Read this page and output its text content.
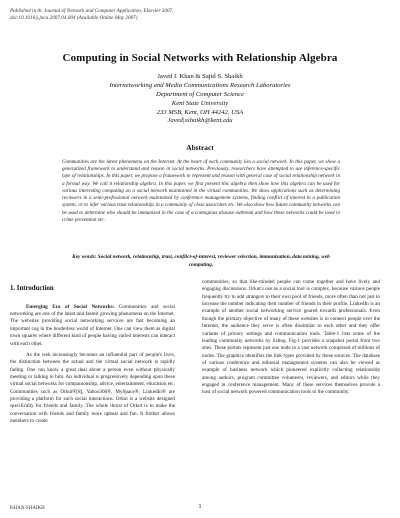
Published in th. Journal of Network and Computer Application, Elsevier 2007, doi:10.1016/j.jnca.2007.04.004 (Available Online May 2007)
Computing in Social Networks with Relationship Algebra
Javed I. Khan & Sajid S. Shaikh
Internetworking and Media Communications Research Laboratories
Department of Computer Science
Kent State University
233 MSB, Kent, OH 44242, USA
Javed|sshaikh@kent.edu
Abstract
Communities are the latest phenomena on the Internet. At the heart of each community lies a social network. In this paper, we show a generalized framework to understand and reason in social networks. Previously, researchers have attempted to use inference-specific type of relationships. In this paper, we propose a framework to represent and reason with general case of social relationship network in a formal way. We call it relationship algebra. In this paper, we first present this algebra then show how this algebra can be used for various interesting computing on a social network maintained in the virtual communities. We show applications such as determining reviewers in a semi-professional network maintained by conference management systems, finding conflict of interest in a publication system, or to infer various trust relationships in a community of close associates etc. We also show how future community networks can be used to determine who should be immunized in the case of a contagious disease outbreak and how these networks could be used in crime prevention etc.
Key words: Social network, relationship, trust, conflict-of-interest, reviewer selection, immunization, data mining, web computing.
1. Introduction

Emerging Era of Social Networks: Communities and social networking are one of the latest and fastest growing phenomena on the Internet. The websites providing social networking services are fast becoming an important cog in the borderless world of Internet. One can view them as digital town squares where different kind of people having varied interests can interact with each other.

As the web increasingly becomes an influential part of people's lives, the distinction between the actual and the virtual social network is rapidly fading. One can know a great deal about a person even without physically meeting or talking to him. An individual is progressively depending upon these virtual social networks for companionship, advice, entertainment, education etc. Communities such as Orkut®[8], Yahoo360®, MySpace®, LinkedIn® are providing a platform for such social interactions. Orkut is a website designed specifically for friends and family. The whole thrust of Orkut is to make the conversation with friends and family more upbeat and fun. It further allows members to create

communities, so that like-minded people can come together and have lively and engaging discussions. Orkut's use as a social tool is complex, because various people frequently try to add strangers to their own pool of friends, more often than not just to increase the number indicating their number of friends in their profile. LinkedIn is an example of another social networking service geared towards professionals. Even though the primary objective of many of these websites is to connect people over the Internet, the audience they serve is often dissimilar to each other and they offer variants of privacy settings and communication tools. Table-1 lists some of the leading community networks by listing. Fig-1 provides a snapshot portal from two sites. These portals represent just one node in a vast network comprised of millions of nodes. The graphics identifies the link types provided by these sources. The database of various conference and editorial management systems can also be viewed as example of business network which pioneered explicitly collecting relationship among authors, program committee volunteers, reviewers, and editors while they engaged in conference management. Many of these services themselves provide a host of social network powered communication tools to the community.

KHAN/SHAIKH	1
